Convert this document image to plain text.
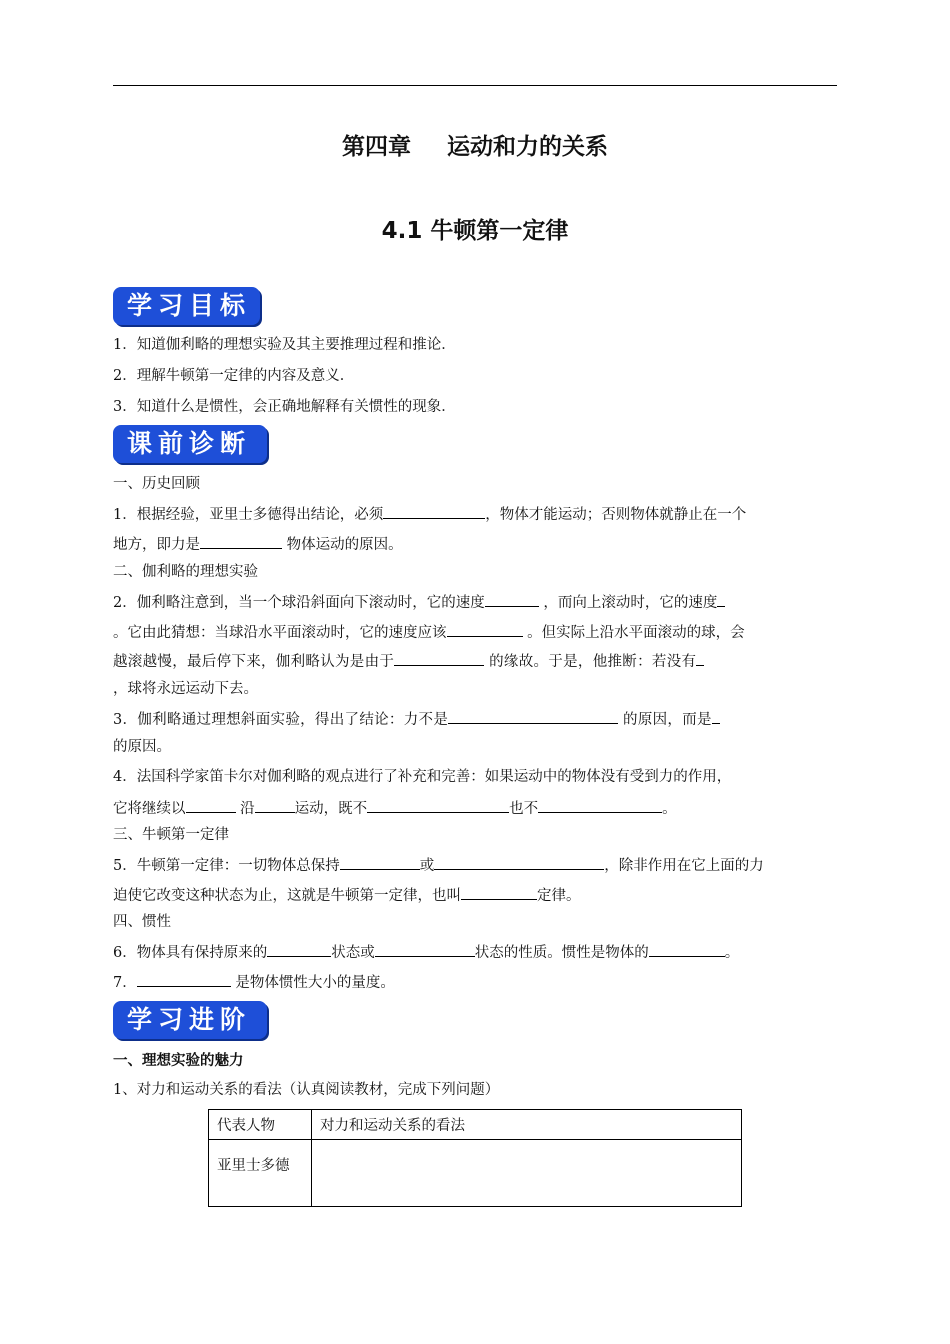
第四章 运动和力的关系
4.1 牛顿第一定律
学习目标
1．知道伽利略的理想实验及其主要推理过程和推论．
2．理解牛顿第一定律的内容及意义．
3．知道什么是惯性，会正确地解释有关惯性的现象．
课前诊断
一、历史回顾
1．根据经验，亚里士多德得出结论，必须	，物体才能运动；否则物体就静止在一个
地方，即力是	物体运动的原因。
二、伽利略的理想实验
2．伽利略注意到，当一个球沿斜面向下滚动时，它的速度	，而向上滚动时，它的速度
。它由此猜想：当球沿水平面滚动时，它的速度应该	。但实际上沿水平面滚动的球，会
越滚越慢，最后停下来，伽利略认为是由于	的缘故。于是，他推断：若没有
，球将永远运动下去。
3．伽利略通过理想斜面实验，得出了结论：力不是	的原因，而是
的原因。
4．法国科学家笛卡尔对伽利略的观点进行了补充和完善：如果运动中的物体没有受到力的作用，
它将继续以	沿	运动，既不	也不	。
三、牛顿第一定律
5．牛顿第一定律：一切物体总保持	或	，除非作用在它上面的力
迫使它改变这种状态为止，这就是牛顿第一定律，也叫	定律。
四、惯性
6．物体具有保持原来的	状态或	状态的性质。惯性是物体的	。
7．	是物体惯性大小的量度。
学习进阶
一、理想实验的魅力
1、对力和运动关系的看法（认真阅读教材，完成下列问题）
代表人物	对力和运动关系的看法
亚里士多德	
